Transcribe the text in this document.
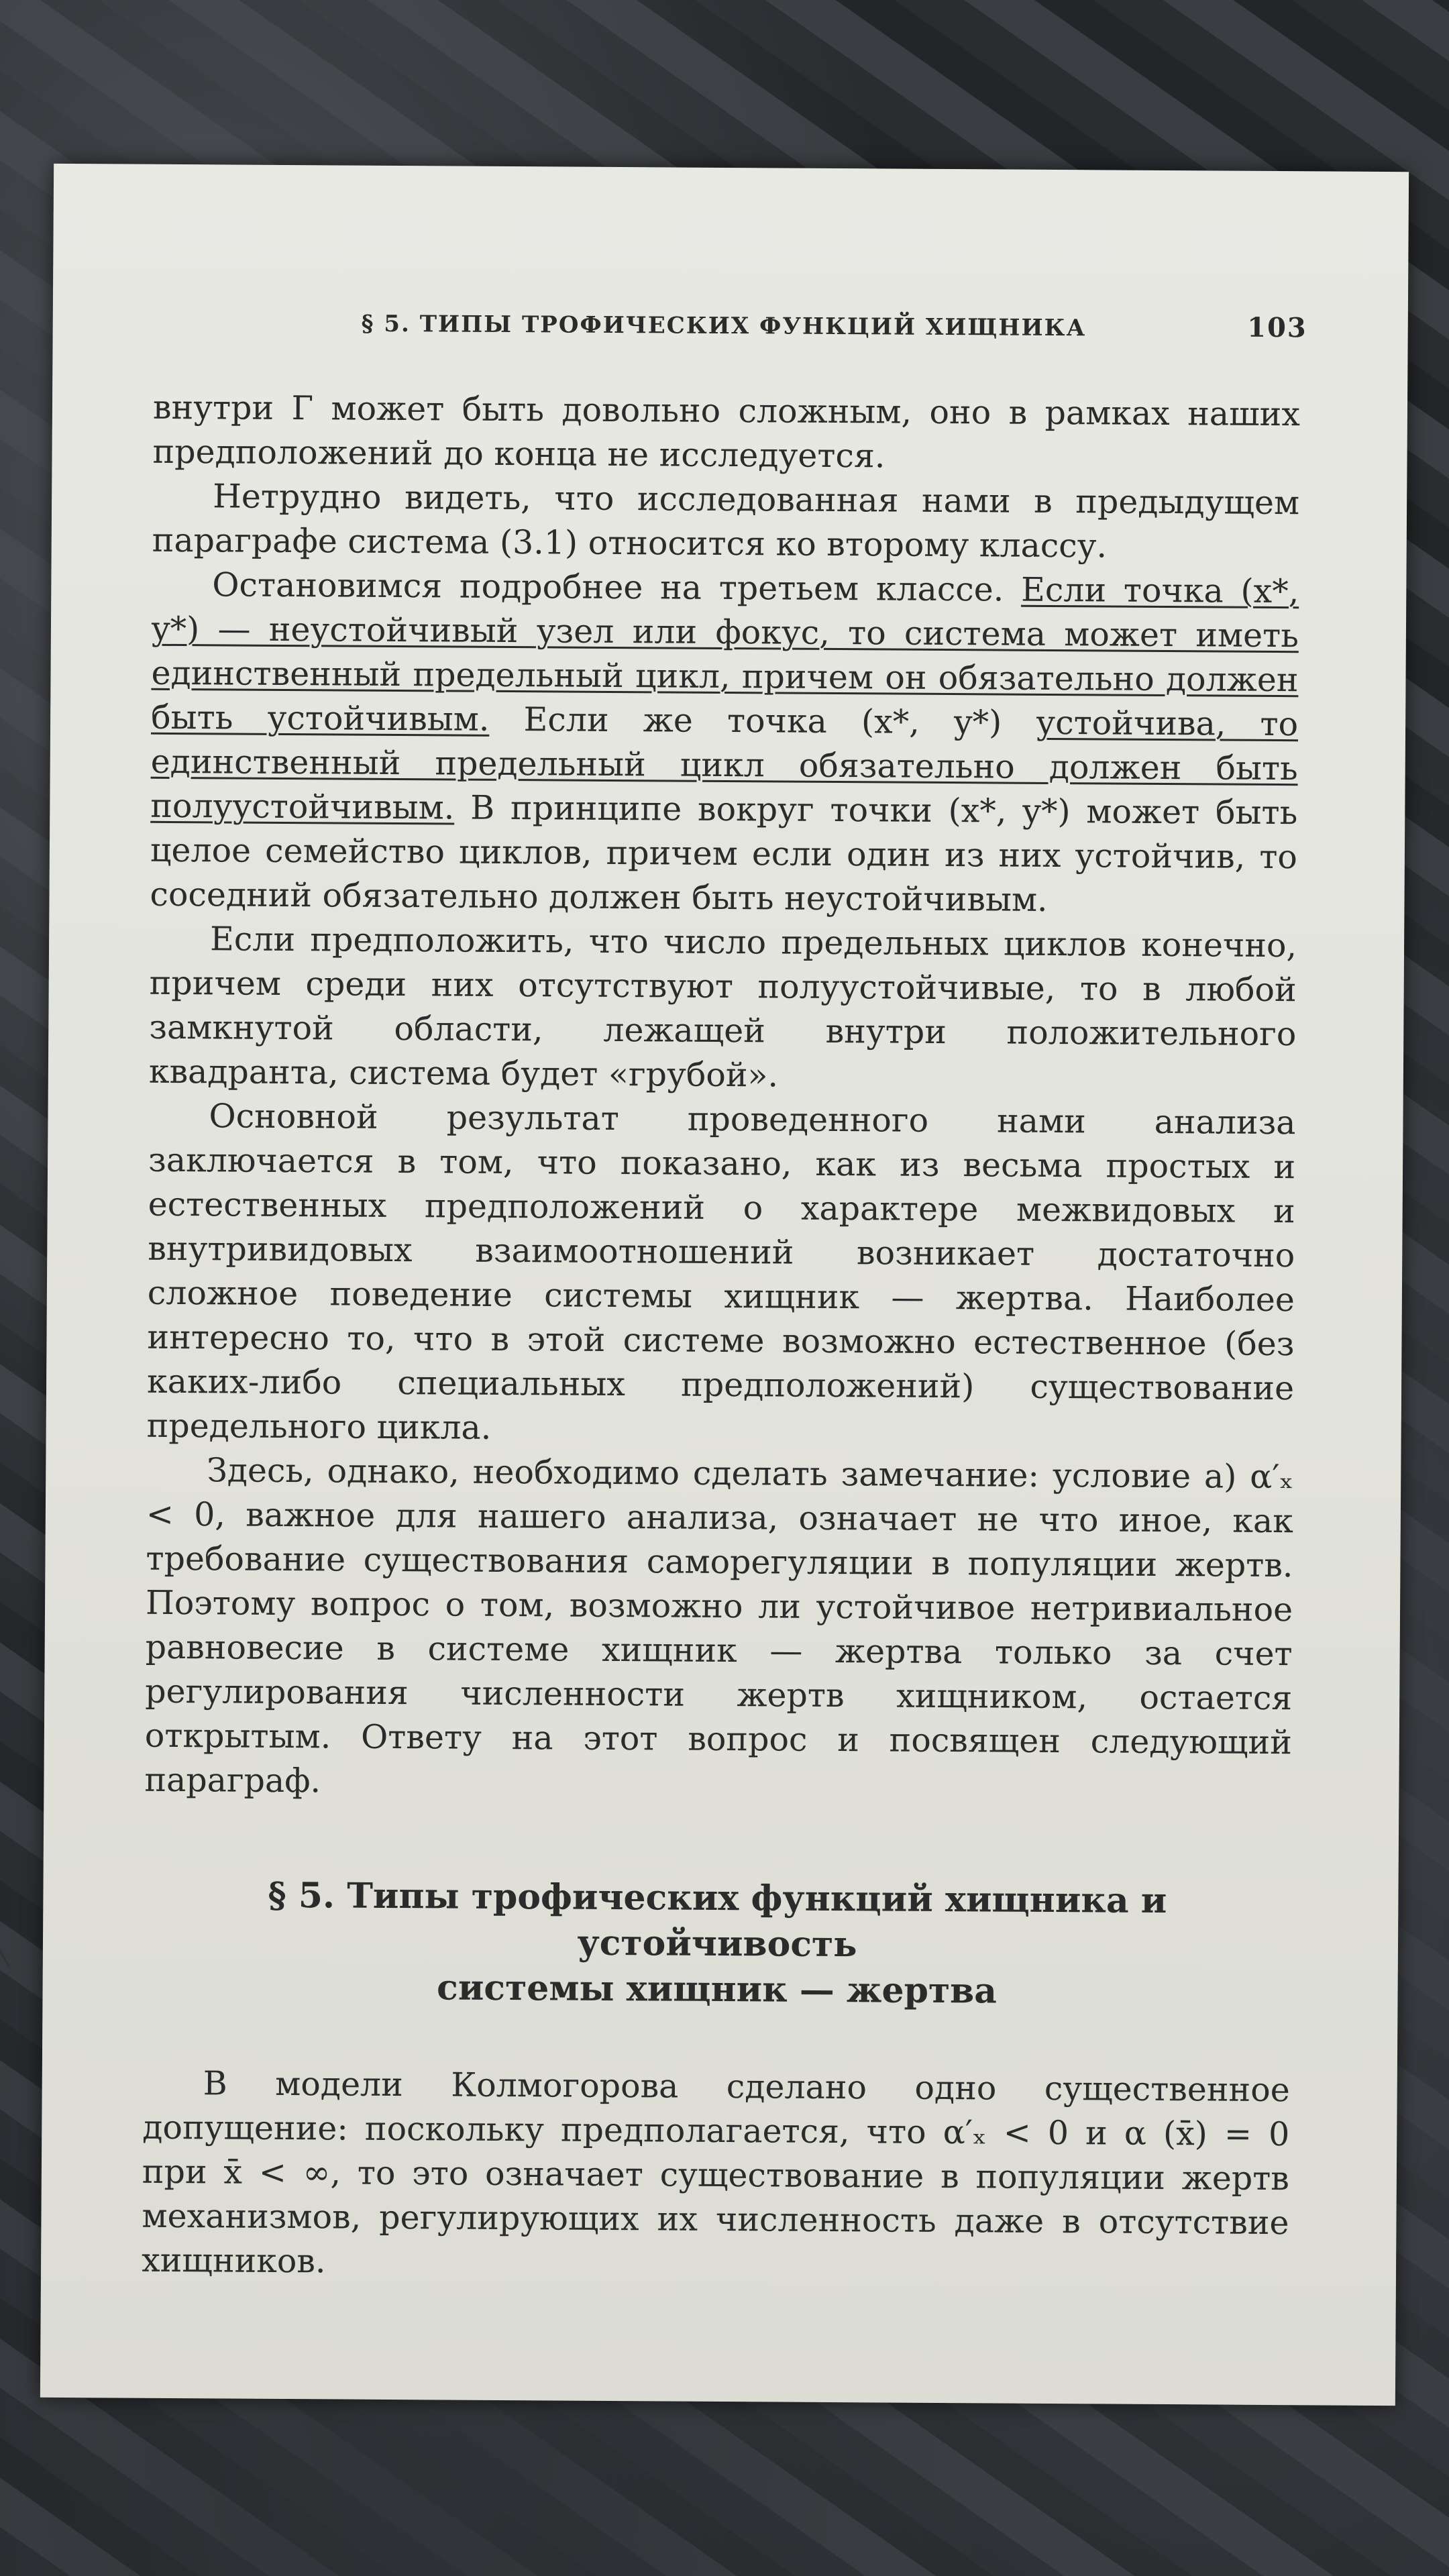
§ 5. ТИПЫ ТРОФИЧЕСКИХ ФУНКЦИЙ ХИЩНИКА	103

внутри Г может быть довольно сложным, оно в рамках наших предположений до конца не исследуется.

Нетрудно видеть, что исследованная нами в предыдущем параграфе система (3.1) относится ко второму классу.

Остановимся подробнее на третьем классе. Если точка (x*, y*) — неустойчивый узел или фокус, то система может иметь единственный предельный цикл, причем он обязательно должен быть устойчивым. Если же точка (x*, y*) устойчива, то единственный предельный цикл обязательно должен быть полуустойчивым. В принципе вокруг точки (x*, y*) может быть целое семейство циклов, причем если один из них устойчив, то соседний обязательно должен быть неустойчивым.

Если предположить, что число предельных циклов конечно, причем среди них отсутствуют полуустойчивые, то в любой замкнутой области, лежащей внутри положительного квадранта, система будет «грубой».

Основной результат проведенного нами анализа заключается в том, что показано, как из весьма простых и естественных предположений о характере межвидовых и внутривидовых взаимоотношений возникает достаточно сложное поведение системы хищник — жертва. Наиболее интересно то, что в этой системе возможно естественное (без каких-либо специальных предположений) существование предельного цикла.

Здесь, однако, необходимо сделать замечание: условие а) α′ₓ < 0, важное для нашего анализа, означает не что иное, как требование существования саморегуляции в популяции жертв. Поэтому вопрос о том, возможно ли устойчивое нетривиальное равновесие в системе хищник — жертва только за счет регулирования численности жертв хищником, остается открытым. Ответу на этот вопрос и посвящен следующий параграф.

§ 5. Типы трофических функций хищника и устойчивость
системы хищник — жертва

В модели Колмогорова сделано одно существенное допущение: поскольку предполагается, что α′ₓ < 0 и α (x̄) = 0 при x̄ < ∞, то это означает существование в популяции жертв механизмов, регулирующих их численность даже в отсутствие хищников.
